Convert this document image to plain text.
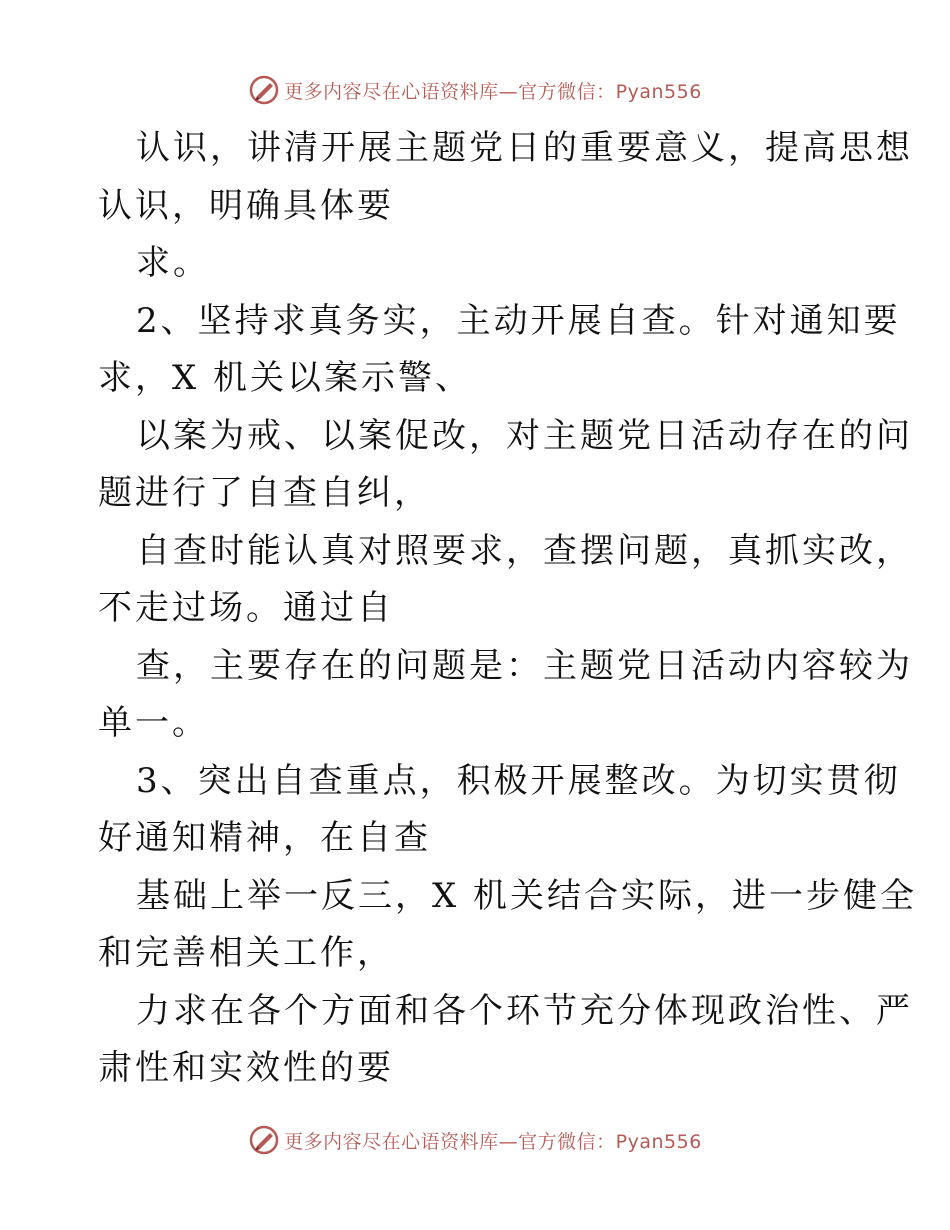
更多内容尽在心语资料库—官方微信：Pyan556
认识，讲清开展主题党日的重要意义，提高思想
认识，明确具体要
求。
2、坚持求真务实，主动开展自查。针对通知要
求，X 机关以案示警、
以案为戒、以案促改，对主题党日活动存在的问
题进行了自查自纠，
自查时能认真对照要求，查摆问题，真抓实改，
不走过场。通过自
查，主要存在的问题是：主题党日活动内容较为
单一。
3、突出自查重点，积极开展整改。为切实贯彻
好通知精神，在自查
基础上举一反三，X 机关结合实际，进一步健全
和完善相关工作，
力求在各个方面和各个环节充分体现政治性、严
肃性和实效性的要
更多内容尽在心语资料库—官方微信：Pyan556
